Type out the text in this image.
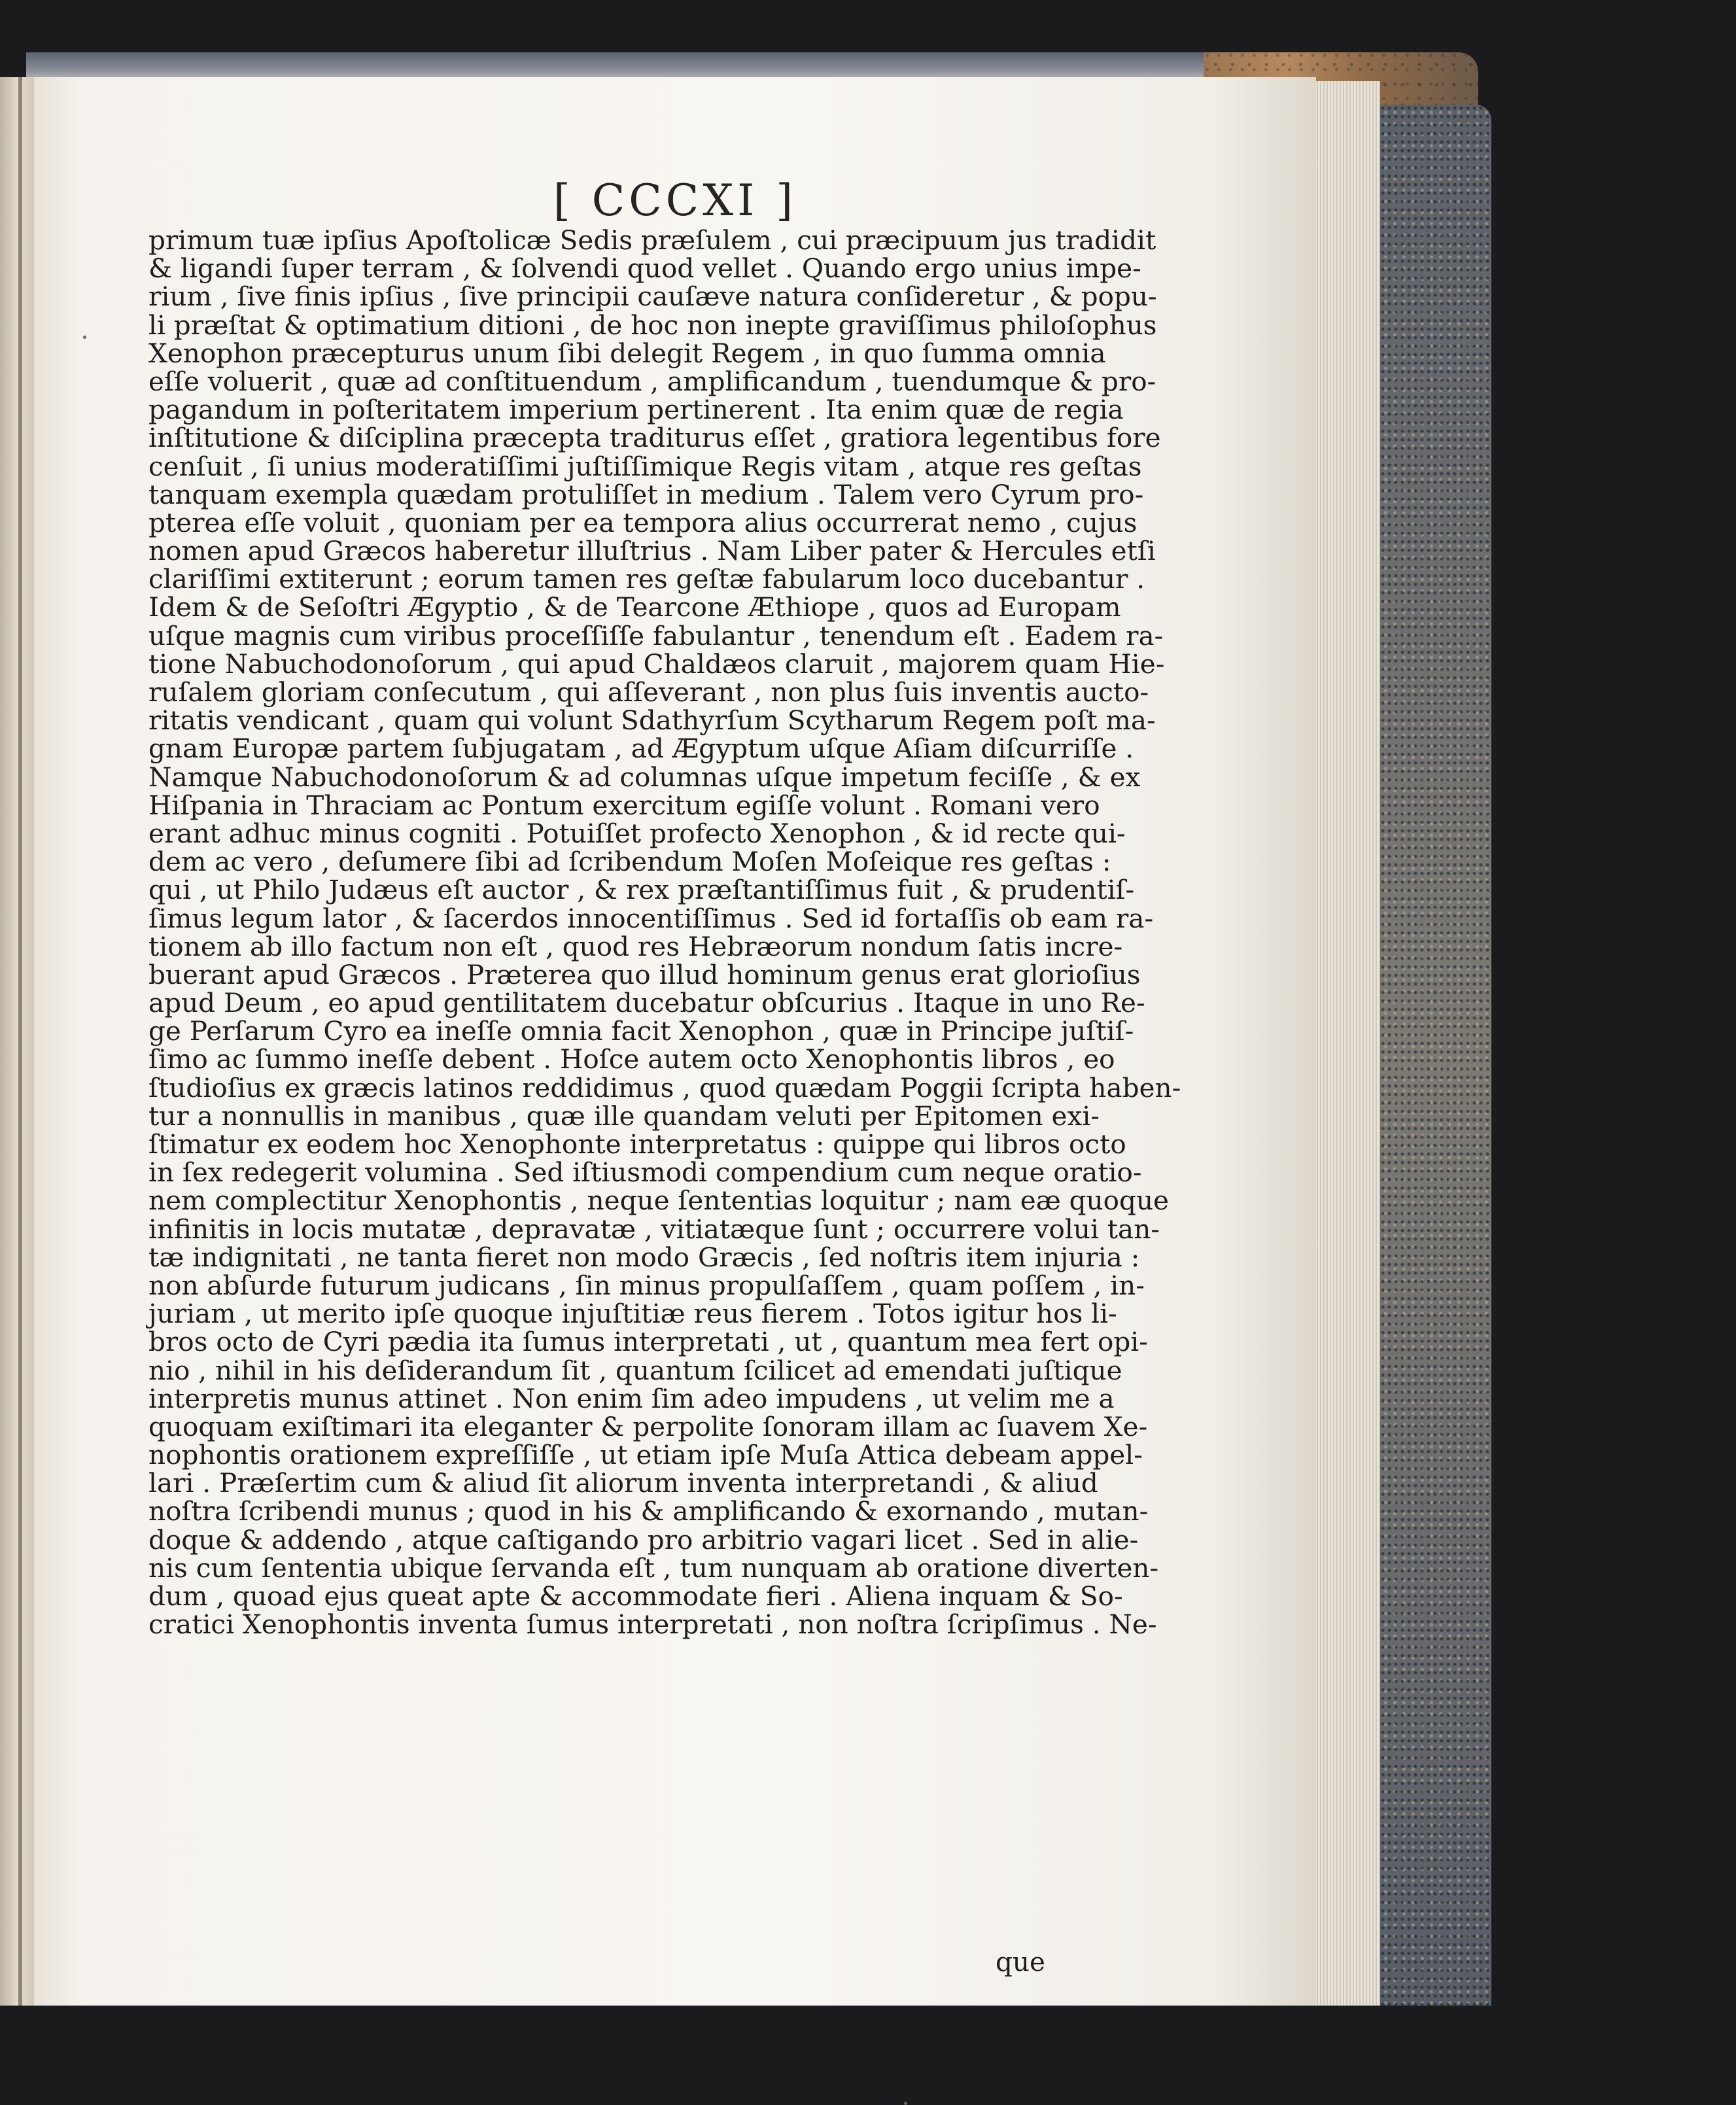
[ CCCXI ]
primum tuæ ipſius Apoſtolicæ Sedis præſulem , cui præcipuum jus tradidit
& ligandi ſuper terram , & ſolvendi quod vellet . Quando ergo unius impe-
rium , ſive finis ipſius , ſive principii cauſæve natura conſideretur , & popu-
li præſtat & optimatium ditioni , de hoc non inepte graviſſimus philoſophus
Xenophon præcepturus unum ſibi delegit Regem , in quo ſumma omnia
eſſe voluerit , quæ ad conſtituendum , amplificandum , tuendumque & pro-
pagandum in poſteritatem imperium pertinerent . Ita enim quæ de regia
inſtitutione & diſciplina præcepta traditurus eſſet , gratiora legentibus fore
cenſuit , ſi unius moderatiſſimi juſtiſſimique Regis vitam , atque res geſtas
tanquam exempla quædam protuliſſet in medium . Talem vero Cyrum pro-
pterea eſſe voluit , quoniam per ea tempora alius occurrerat nemo , cujus
nomen apud Græcos haberetur illuſtrius . Nam Liber pater & Hercules etſi
clariſſimi extiterunt ; eorum tamen res geſtæ fabularum loco ducebantur .
Idem & de Seſoſtri Ægyptio , & de Tearcone Æthiope , quos ad Europam
uſque magnis cum viribus proceſſiſſe fabulantur , tenendum eſt . Eadem ra-
tione Nabuchodonoſorum , qui apud Chaldæos claruit , majorem quam Hie-
ruſalem gloriam conſecutum , qui aſſeverant , non plus ſuis inventis aucto-
ritatis vendicant , quam qui volunt Sdathyrſum Scytharum Regem poſt ma-
gnam Europæ partem ſubjugatam , ad Ægyptum uſque Aſiam diſcurriſſe .
Namque Nabuchodonoſorum & ad columnas uſque impetum feciſſe , & ex
Hiſpania in Thraciam ac Pontum exercitum egiſſe volunt . Romani vero
erant adhuc minus cogniti . Potuiſſet profecto Xenophon , & id recte qui-
dem ac vero , deſumere ſibi ad ſcribendum Moſen Moſeique res geſtas :
qui , ut Philo Judæus eſt auctor , & rex præſtantiſſimus fuit , & prudentiſ-
ſimus legum lator , & ſacerdos innocentiſſimus . Sed id fortaſſis ob eam ra-
tionem ab illo factum non eſt , quod res Hebræorum nondum ſatis incre-
buerant apud Græcos . Præterea quo illud hominum genus erat glorioſius
apud Deum , eo apud gentilitatem ducebatur obſcurius . Itaque in uno Re-
ge Perſarum Cyro ea ineſſe omnia facit Xenophon , quæ in Principe juſtiſ-
ſimo ac ſummo ineſſe debent . Hoſce autem octo Xenophontis libros , eo
ſtudioſius ex græcis latinos reddidimus , quod quædam Poggii ſcripta haben-
tur a nonnullis in manibus , quæ ille quandam veluti per Epitomen exi-
ſtimatur ex eodem hoc Xenophonte interpretatus : quippe qui libros octo
in ſex redegerit volumina . Sed iſtiusmodi compendium cum neque oratio-
nem complectitur Xenophontis , neque ſententias loquitur ; nam eæ quoque
infinitis in locis mutatæ , depravatæ , vitiatæque ſunt ; occurrere volui tan-
tæ indignitati , ne tanta fieret non modo Græcis , ſed noſtris item injuria :
non abſurde futurum judicans , ſin minus propulſaſſem , quam poſſem , in-
juriam , ut merito ipſe quoque injuſtitiæ reus fierem . Totos igitur hos li-
bros octo de Cyri pædia ita ſumus interpretati , ut , quantum mea fert opi-
nio , nihil in his deſiderandum ſit , quantum ſcilicet ad emendati juſtique
interpretis munus attinet . Non enim ſim adeo impudens , ut velim me a
quoquam exiſtimari ita eleganter & perpolite ſonoram illam ac ſuavem Xe-
nophontis orationem expreſſiſſe , ut etiam ipſe Muſa Attica debeam appel-
lari . Præſertim cum & aliud ſit aliorum inventa interpretandi , & aliud
noſtra ſcribendi munus ; quod in his & amplificando & exornando , mutan-
doque & addendo , atque caſtigando pro arbitrio vagari licet . Sed in alie-
nis cum ſententia ubique ſervanda eſt , tum nunquam ab oratione diverten-
dum , quoad ejus queat apte & accommodate fieri . Aliena inquam & So-
cratici Xenophontis inventa ſumus interpretati , non noſtra ſcripſimus . Ne-
que
